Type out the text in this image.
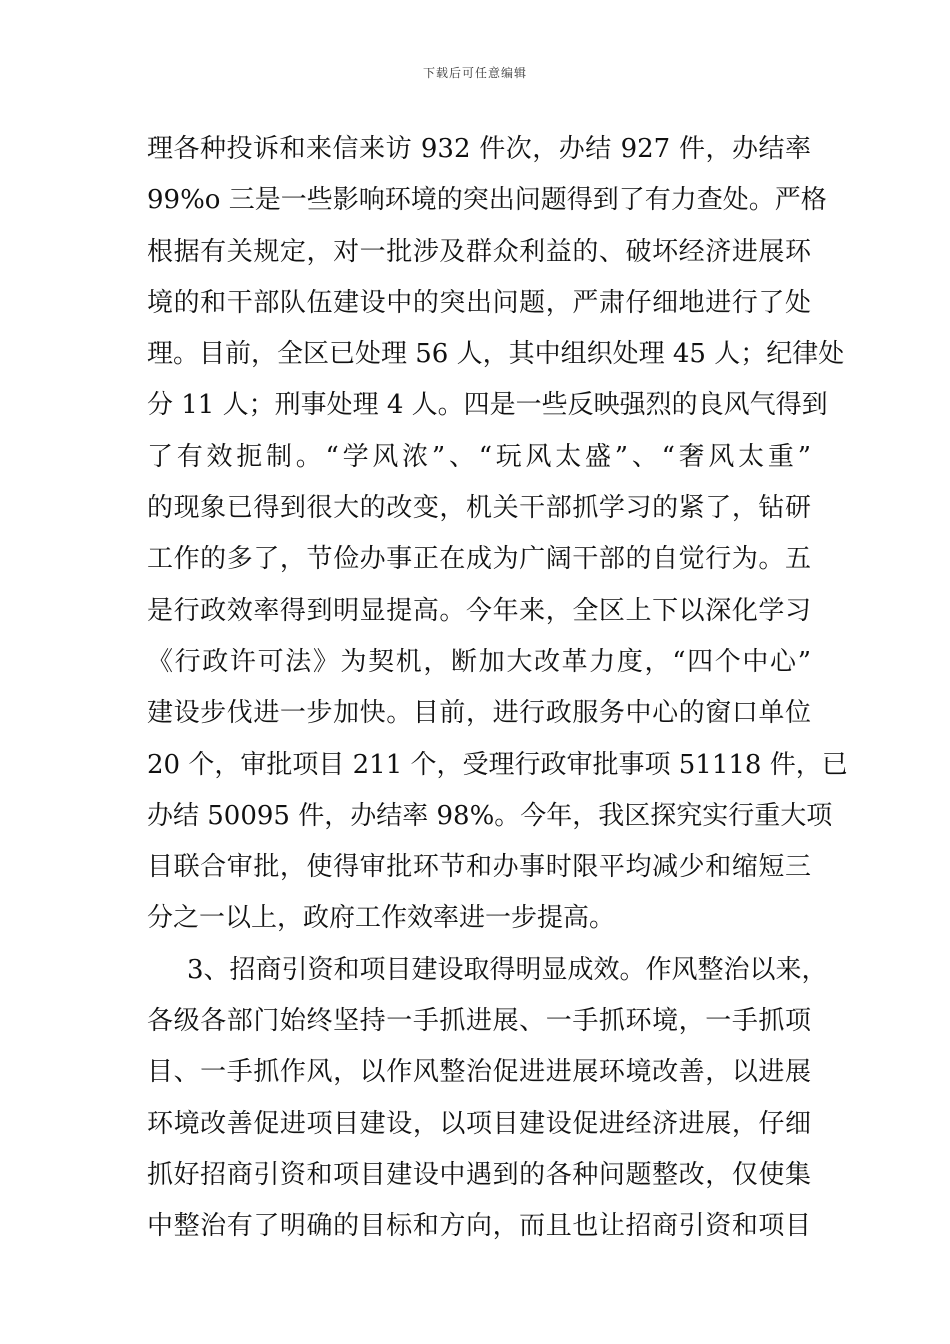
下载后可任意编辑
理各种投诉和来信来访 932 件次，办结 927 件，办结率
99%o 三是一些影响环境的突出问题得到了有力查处。严格
根据有关规定，对一批涉及群众利益的、破坏经济进展环
境的和干部队伍建设中的突出问题，严肃仔细地进行了处
理。目前，全区已处理 56 人，其中组织处理 45 人；纪律处
分 11 人；刑事处理 4 人。四是一些反映强烈的良风气得到
了有效扼制。“学风浓”、“玩风太盛”、“奢风太重”
的现象已得到很大的改变，机关干部抓学习的紧了，钻研
工作的多了，节俭办事正在成为广阔干部的自觉行为。五
是行政效率得到明显提高。今年来，全区上下以深化学习
《行政许可法》为契机，断加大改革力度，“四个中心”
建设步伐进一步加快。目前，进行政服务中心的窗口单位
20 个，审批项目 211 个，受理行政审批事项 51118 件，已
办结 50095 件，办结率 98%。今年，我区探究实行重大项
目联合审批，使得审批环节和办事时限平均减少和缩短三
分之一以上，政府工作效率进一步提高。
3、招商引资和项目建设取得明显成效。作风整治以来，
各级各部门始终坚持一手抓进展、一手抓环境，一手抓项
目、一手抓作风，以作风整治促进进展环境改善，以进展
环境改善促进项目建设，以项目建设促进经济进展，仔细
抓好招商引资和项目建设中遇到的各种问题整改，仅使集
中整治有了明确的目标和方向，而且也让招商引资和项目
